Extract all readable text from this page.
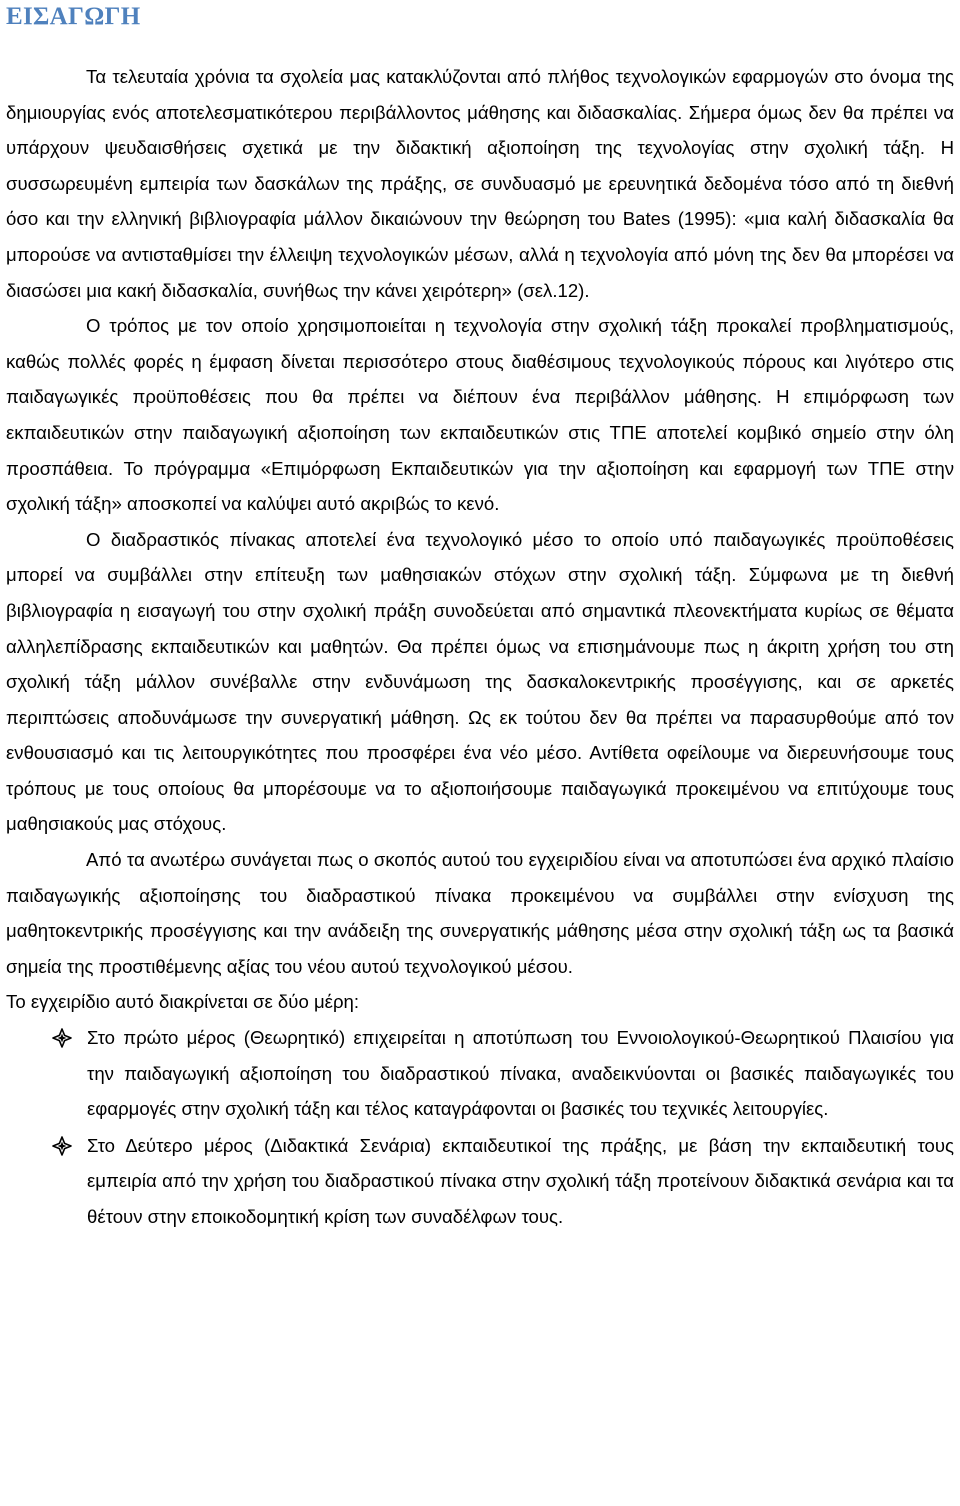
ΕΙΣΑΓΩΓΗ

Τα τελευταία χρόνια τα σχολεία μας κατακλύζονται από πλήθος τεχνολογικών εφαρμογών στο όνομα της δημιουργίας ενός αποτελεσματικότερου περιβάλλοντος μάθησης και διδασκαλίας. Σήμερα όμως δεν θα πρέπει να υπάρχουν ψευδαισθήσεις σχετικά με την διδακτική αξιοποίηση της τεχνολογίας στην σχολική τάξη. Η συσσωρευμένη εμπειρία των δασκάλων της πράξης, σε συνδυασμό με ερευνητικά δεδομένα τόσο από τη διεθνή όσο και την ελληνική βιβλιογραφία μάλλον δικαιώνουν την θεώρηση του Bates (1995): «μια καλή διδασκαλία θα μπορούσε να αντισταθμίσει την έλλειψη τεχνολογικών μέσων, αλλά η τεχνολογία από μόνη της δεν θα μπορέσει να διασώσει μια κακή διδασκαλία, συνήθως την κάνει χειρότερη» (σελ.12).

Ο τρόπος με τον οποίο χρησιμοποιείται η τεχνολογία στην σχολική τάξη προκαλεί προβληματισμούς, καθώς πολλές φορές η έμφαση δίνεται περισσότερο στους διαθέσιμους τεχνολογικούς πόρους και λιγότερο στις παιδαγωγικές προϋποθέσεις που θα πρέπει να διέπουν ένα περιβάλλον μάθησης. Η επιμόρφωση των εκπαιδευτικών στην παιδαγωγική αξιοποίηση των εκπαιδευτικών στις ΤΠΕ αποτελεί κομβικό σημείο στην όλη προσπάθεια. Το πρόγραμμα «Επιμόρφωση Εκπαιδευτικών για την αξιοποίηση και εφαρμογή των ΤΠΕ στην σχολική τάξη» αποσκοπεί να καλύψει αυτό ακριβώς το κενό.

Ο διαδραστικός πίνακας αποτελεί ένα τεχνολογικό μέσο το οποίο υπό παιδαγωγικές προϋποθέσεις μπορεί να συμβάλλει στην επίτευξη των μαθησιακών στόχων στην σχολική τάξη. Σύμφωνα με τη διεθνή βιβλιογραφία η εισαγωγή του στην σχολική πράξη συνοδεύεται από σημαντικά πλεονεκτήματα κυρίως σε θέματα αλληλεπίδρασης εκπαιδευτικών και μαθητών. Θα πρέπει όμως να επισημάνουμε πως η άκριτη χρήση του στη σχολική τάξη μάλλον συνέβαλλε στην ενδυνάμωση της δασκαλοκεντρικής προσέγγισης, και σε αρκετές περιπτώσεις αποδυνάμωσε την συνεργατική μάθηση. Ως εκ τούτου δεν θα πρέπει να παρασυρθούμε από τον ενθουσιασμό και τις λειτουργικότητες που προσφέρει ένα νέο μέσο. Αντίθετα οφείλουμε να διερευνήσουμε τους τρόπους με τους οποίους θα μπορέσουμε να το αξιοποιήσουμε παιδαγωγικά προκειμένου να επιτύχουμε τους μαθησιακούς μας στόχους.

Από τα ανωτέρω συνάγεται πως ο σκοπός αυτού του εγχειριδίου είναι να αποτυπώσει ένα αρχικό πλαίσιο παιδαγωγικής αξιοποίησης του διαδραστικού πίνακα προκειμένου να συμβάλλει στην ενίσχυση της μαθητοκεντρικής προσέγγισης και την ανάδειξη της συνεργατικής μάθησης μέσα στην σχολική τάξη ως τα βασικά σημεία της προστιθέμενης αξίας του νέου αυτού τεχνολογικού μέσου.

Το εγχειρίδιο αυτό διακρίνεται σε δύο μέρη:

Στο πρώτο μέρος (Θεωρητικό) επιχειρείται η αποτύπωση του Εννοιολογικού-Θεωρητικού Πλαισίου για την παιδαγωγική αξιοποίηση του διαδραστικού πίνακα, αναδεικνύονται οι βασικές παιδαγωγικές του εφαρμογές στην σχολική τάξη και τέλος καταγράφονται οι βασικές του τεχνικές λειτουργίες.
Στο Δεύτερο μέρος (Διδακτικά Σενάρια) εκπαιδευτικοί της πράξης, με βάση την εκπαιδευτική τους εμπειρία από την χρήση του διαδραστικού πίνακα στην σχολική τάξη προτείνουν διδακτικά σενάρια και τα θέτουν στην εποικοδομητική κρίση των συναδέλφων τους.
